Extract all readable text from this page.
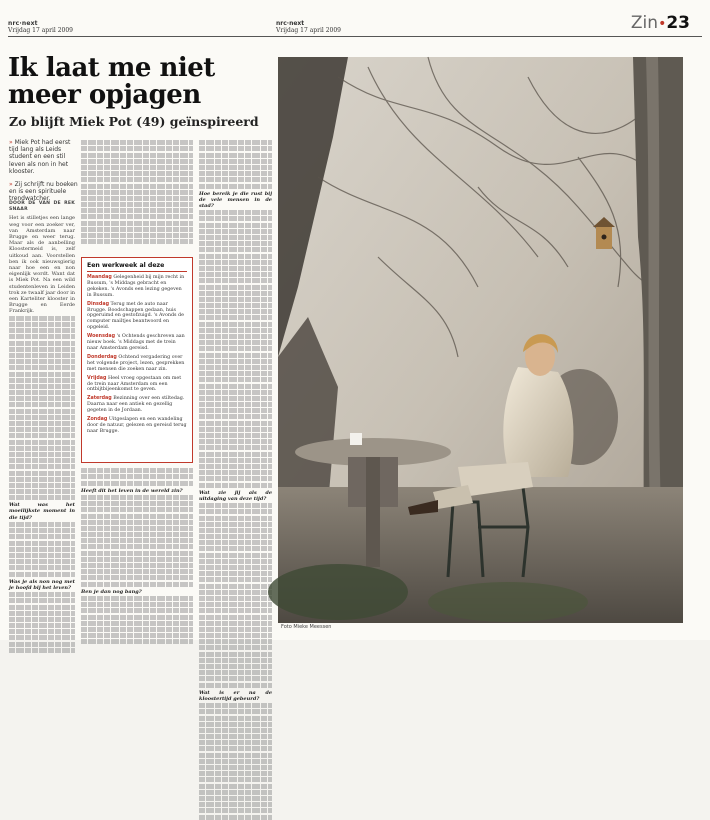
nrc·next
Vrijdag 17 april 2009
nrc·next
Vrijdag 17 april 2009	Zin•23
Ik laat me niet meer opjagen
Zo blijft Miek Pot (49) geïnspireerd

» Miek Pot had eerst tijd lang als Leids student en een stil leven als non in het klooster.

» Zij schrijft nu boeken en is een spirituele trendwatcher.

DOOR DE VAN DE REK SNAAR
Het is stilletjes een lange weg voor een zoeker ver, van Amsterdam naar Brugge en weer terug. Maar als de aanbelling Kloostermeid is, zelf uitkoud aan. Voorstellen ben ik ook nieuwsgierig naar hoe een en non eigenlijk wordt. Want dat is Miek Pot. Na een wild studentenleven in Leiden trok ze twaalf jaar door in een Karteliter klooster in Brugge en Eerde Frankrijk.
Wat was het moeilijkste moment in die tijd?
Was je als non nog met je hoofd bij het leven?
Hoe bereik je die rust bij de vele mensen in de stad?
Wat zie jij als de uitdaging van deze tijd?
Wat is er na de kloostertijd gebeurd?
Een werkweek al deze
Maandag Gelegenheid bij mijn recht in Bussum, 's Middags gebracht en gekeken. 's Avonds een lezing gegeven in Bussum.
Dinsdag Terug met de auto naar Brugge. Boodschappen gedaan, huis opgeruimd en gestofzuigd. 's Avonds de computer mailtjes beantwoord en opgeleid.
Woensdag 's Ochtends geschreven aan nieuw boek. 's Middags met de trein naar Amsterdam gereisd.
Donderdag Ochtend vergadering over het volgende project, lezen, gesprekken met mensen die zoeken naar zin.
Vrijdag Heel vroeg opgestaan om met de trein naar Amsterdam om een ontbijtbijeenkomst te geven.
Zaterdag Bezinning over een stiltedag. Daarna naar een antiek en gezellig gegeten in de Jordaan.
Zondag Uitgeslapen en een wandeling door de natuur, gelezen en gereisd terug naar Brugge.
Heeft dit het leven in de wereld zin?
Ben je dan nog bang?
Foto Mieke Meessen
